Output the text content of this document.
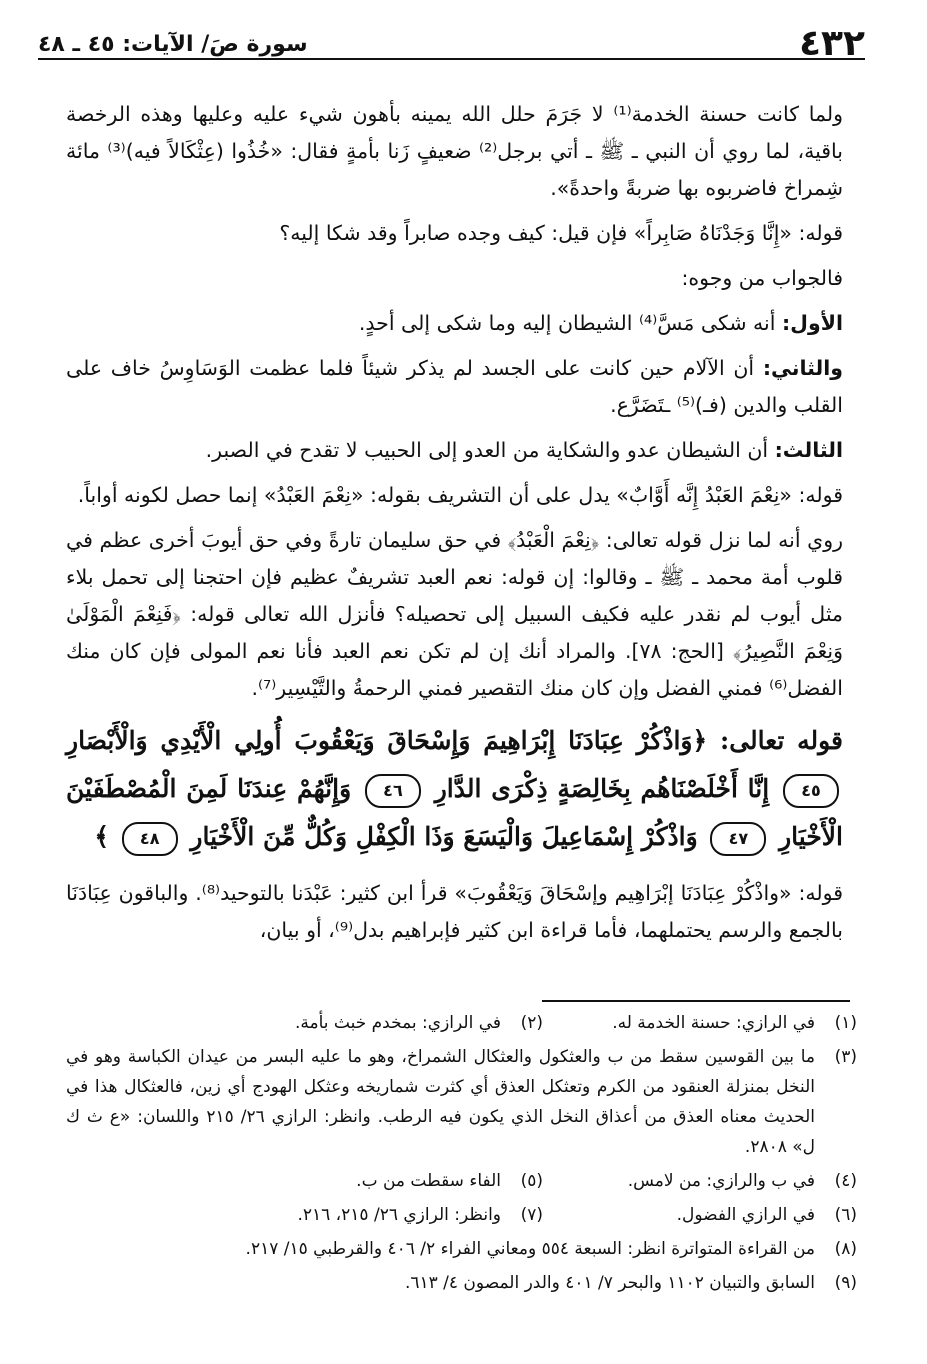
٤٣٢
سورة صَ/ الآيات: ٤٥ ـ ٤٨

ولما كانت حسنة الخدمة⁽¹⁾ لا جَرَمَ حلل الله يمينه بأهون شيء عليه وعليها وهذه الرخصة باقية، لما روي أن النبي ـ ﷺ ـ أتي برجل⁽²⁾ ضعيفٍ زَنا بأمةٍ فقال: «خُذُوا (عِثْكَالاً فيه)⁽³⁾ مائة شِمراخ فاضربوه بها ضربةً واحدةً».

قوله: «إِنَّا وَجَدْنَاهُ صَابِراً» فإن قيل: كيف وجده صابراً وقد شكا إليه؟

فالجواب من وجوه:

الأول: أنه شكى مَسَّ⁽⁴⁾ الشيطان إليه وما شكى إلى أحدٍ.

والثاني: أن الآلام حين كانت على الجسد لم يذكر شيئاً فلما عظمت الوَسَاوِسُ خاف على القلب والدين (فـ)⁽⁵⁾ ـتَضَرَّع.

الثالث: أن الشيطان عدو والشكاية من العدو إلى الحبيب لا تقدح في الصبر.

قوله: «نِعْمَ العَبْدُ إِنَّه أَوَّابٌ» يدل على أن التشريف بقوله: «نِعْمَ العَبْدُ» إنما حصل لكونه أواباً.

روي أنه لما نزل قوله تعالى: ﴿نِعْمَ الْعَبْدُ﴾ في حق سليمان تارةً وفي حق أيوبَ أخرى عظم في قلوب أمة محمد ـ ﷺ ـ وقالوا: إن قوله: نعم العبد تشريفٌ عظيم فإن احتجنا إلى تحمل بلاء مثل أيوب لم نقدر عليه فكيف السبيل إلى تحصيله؟ فأنزل الله تعالى قوله: ﴿فَنِعْمَ الْمَوْلَىٰ وَنِعْمَ النَّصِيرُ﴾ [الحج: ٧٨]. والمراد أنك إن لم تكن نعم العبد فأنا نعم المولى فإن كان منك الفضل⁽⁶⁾ فمني الفضل وإن كان منك التقصير فمني الرحمةُ والتَّيْسِير⁽⁷⁾.

قوله تعالى: ﴿وَاذْكُرْ عِبَادَنَا إِبْرَاهِيمَ وَإِسْحَاقَ وَيَعْقُوبَ أُولِي الْأَيْدِي وَالْأَبْصَارِ ٤٥ إِنَّا أَخْلَصْنَاهُم بِخَالِصَةٍ ذِكْرَى الدَّارِ ٤٦ وَإِنَّهُمْ عِندَنَا لَمِنَ الْمُصْطَفَيْنَ الْأَخْيَارِ ٤٧ وَاذْكُرْ إِسْمَاعِيلَ وَالْيَسَعَ وَذَا الْكِفْلِ وَكُلٌّ مِّنَ الْأَخْيَارِ ٤٨ ﴾

قوله: «واذْكُرْ عِبَادَنَا إبْرَاهِيم وإسْحَاقَ وَيَعْقُوبَ» قرأ ابن كثير: عَبْدَنا بالتوحيد⁽⁸⁾. والباقون عِبَادَنَا بالجمع والرسم يحتملهما، فأما قراءة ابن كثير فإبراهيم بدل⁽⁹⁾، أو بيان،

(١)
في الرازي: حسنة الخدمة له.
(٢)
في الرازي: بمخدم خبث بأمة.
(٣)
ما بين القوسين سقط من ب والعثكول والعثكال الشمراخ، وهو ما عليه البسر من عيدان الكباسة وهو في النخل بمنزلة العنقود من الكرم وتعثكل العذق أي كثرت شماريخه وعثكل الهودج أي زين، فالعثكال هذا في الحديث معناه العذق من أعذاق النخل الذي يكون فيه الرطب. وانظر: الرازي ٢٦/ ٢١٥ واللسان: «ع ث ك ل» ٢٨٠٨.
(٤)
في ب والرازي: من لامس.
(٥)
الفاء سقطت من ب.
(٦)
في الرازي الفضول.
(٧)
وانظر: الرازي ٢٦/ ٢١٥، ٢١٦.
(٨)
من القراءة المتواترة انظر: السبعة ٥٥٤ ومعاني الفراء ٢/ ٤٠٦ والقرطبي ١٥/ ٢١٧.
(٩)
السابق والتبيان ١١٠٢ والبحر ٧/ ٤٠١ والدر المصون ٤/ ٦١٣.
